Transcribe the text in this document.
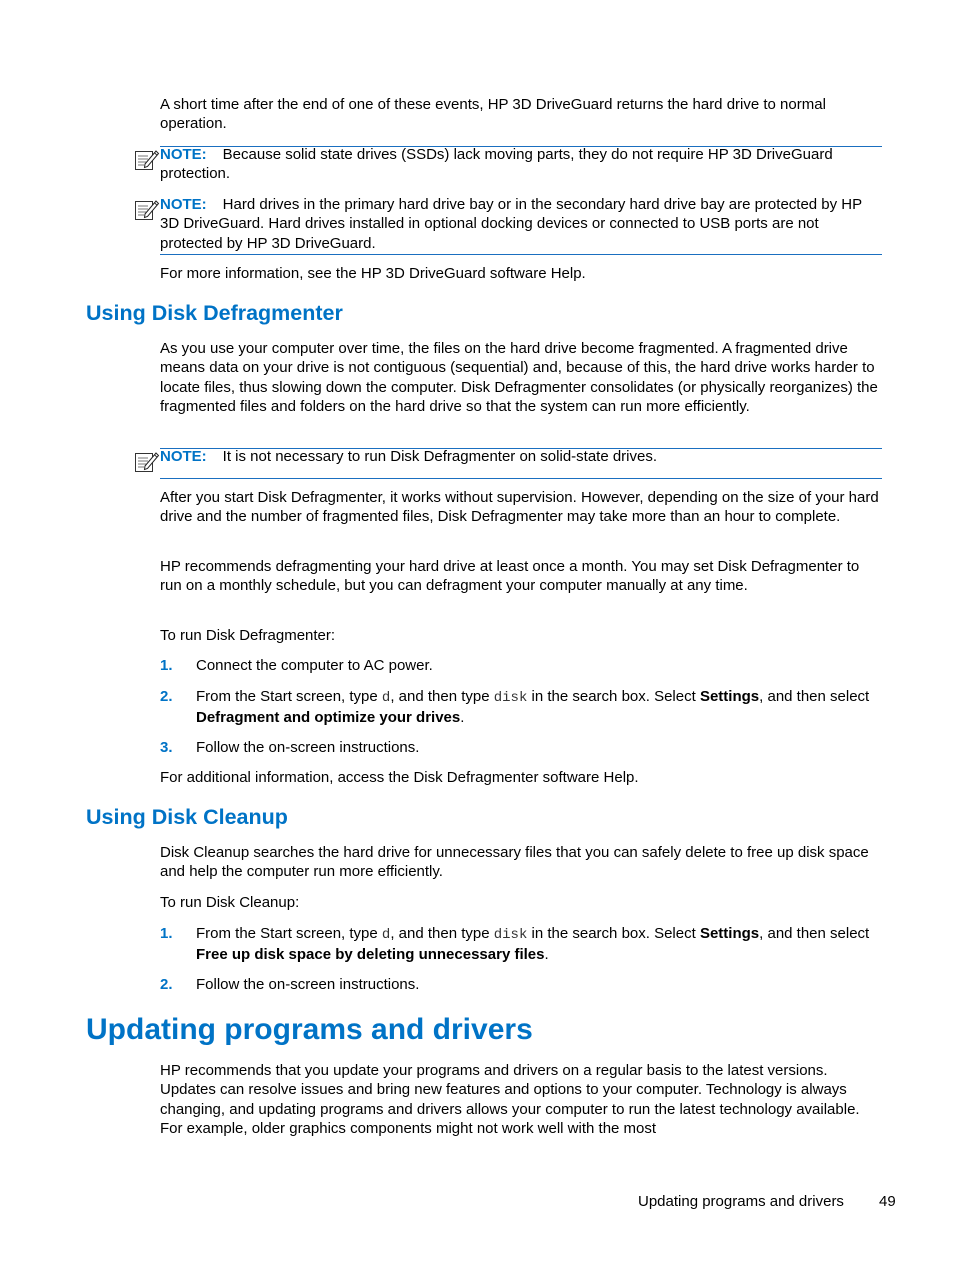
A short time after the end of one of these events, HP 3D DriveGuard returns the hard drive to normal operation.

NOTE: Because solid state drives (SSDs) lack moving parts, they do not require HP 3D DriveGuard protection.

NOTE: Hard drives in the primary hard drive bay or in the secondary hard drive bay are protected by HP 3D DriveGuard. Hard drives installed in optional docking devices or connected to USB ports are not protected by HP 3D DriveGuard.

For more information, see the HP 3D DriveGuard software Help.

Using Disk Defragmenter

As you use your computer over time, the files on the hard drive become fragmented. A fragmented drive means data on your drive is not contiguous (sequential) and, because of this, the hard drive works harder to locate files, thus slowing down the computer. Disk Defragmenter consolidates (or physically reorganizes) the fragmented files and folders on the hard drive so that the system can run more efficiently.

NOTE: It is not necessary to run Disk Defragmenter on solid-state drives.

After you start Disk Defragmenter, it works without supervision. However, depending on the size of your hard drive and the number of fragmented files, Disk Defragmenter may take more than an hour to complete.

HP recommends defragmenting your hard drive at least once a month. You may set Disk Defragmenter to run on a monthly schedule, but you can defragment your computer manually at any time.

To run Disk Defragmenter:

1. Connect the computer to AC power.
2. From the Start screen, type d, and then type disk in the search box. Select Settings, and then select Defragment and optimize your drives.
3. Follow the on-screen instructions.

For additional information, access the Disk Defragmenter software Help.

Using Disk Cleanup

Disk Cleanup searches the hard drive for unnecessary files that you can safely delete to free up disk space and help the computer run more efficiently.

To run Disk Cleanup:

1. From the Start screen, type d, and then type disk in the search box. Select Settings, and then select Free up disk space by deleting unnecessary files.
2. Follow the on-screen instructions.
Updating programs and drivers

HP recommends that you update your programs and drivers on a regular basis to the latest versions. Updates can resolve issues and bring new features and options to your computer. Technology is always changing, and updating programs and drivers allows your computer to run the latest technology available. For example, older graphics components might not work well with the most

Updating programs and drivers 49
